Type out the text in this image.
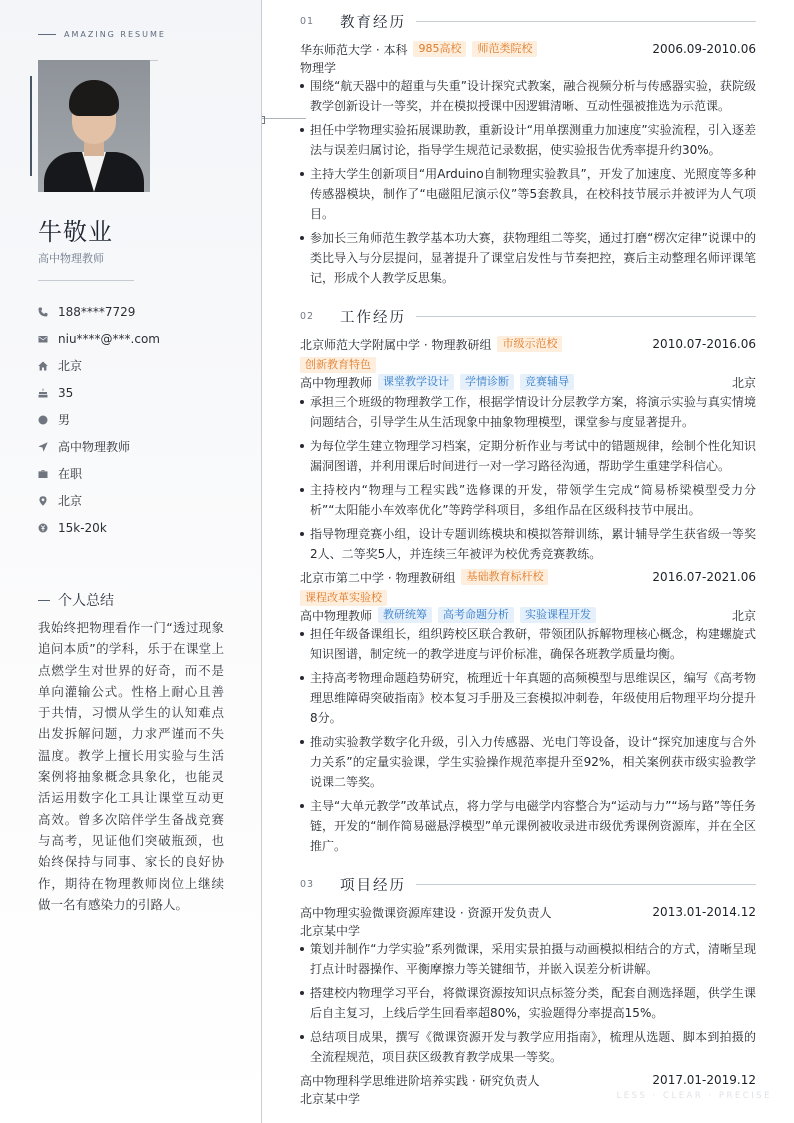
AMAZING RESUME
牛敬业
高中物理教师
188****7729
niu****@***.com
北京
35
男
高中物理教师
在职
北京
15k-20k
个人总结
我始终把物理看作一门“透过现象追问本质”的学科，乐于在课堂上点燃学生对世界的好奇，而不是单向灌输公式。性格上耐心且善于共情，习惯从学生的认知难点出发拆解问题，力求严谨而不失温度。教学上擅长用实验与生活案例将抽象概念具象化，也能灵活运用数字化工具让课堂互动更高效。曾多次陪伴学生备战竞赛与高考，见证他们突破瓶颈，也始终保持与同事、家长的良好协作，期待在物理教师岗位上继续做一名有感染力的引路人。
01	教育经历
华东师范大学 · 本科	985高校	师范类院校	2006.09-2010.06
物理学
围绕“航天器中的超重与失重”设计探究式教案，融合视频分析与传感器实验，获院级教学创新设计一等奖，并在模拟授课中因逻辑清晰、互动性强被推选为示范课。
担任中学物理实验拓展课助教，重新设计“用单摆测重力加速度”实验流程，引入逐差法与误差归属讨论，指导学生规范记录数据，使实验报告优秀率提升约30%。
主持大学生创新项目“用Arduino自制物理实验教具”，开发了加速度、光照度等多种传感器模块，制作了“电磁阻尼演示仪”等5套教具，在校科技节展示并被评为人气项目。
参加长三角师范生教学基本功大赛，获物理组二等奖，通过打磨“楞次定律”说课中的类比导入与分层提问，显著提升了课堂启发性与节奏把控，赛后主动整理名师评课笔记，形成个人教学反思集。
02	工作经历
北京师范大学附属中学 · 物理教研组	市级示范校	2010.07-2016.06
创新教育特色
高中物理教师	课堂教学设计	学情诊断	竞赛辅导	北京
承担三个班级的物理教学工作，根据学情设计分层教学方案，将演示实验与真实情境问题结合，引导学生从生活现象中抽象物理模型，课堂参与度显著提升。
为每位学生建立物理学习档案，定期分析作业与考试中的错题规律，绘制个性化知识漏洞图谱，并利用课后时间进行一对一学习路径沟通，帮助学生重建学科信心。
主持校内“物理与工程实践”选修课的开发，带领学生完成“简易桥梁模型受力分析”“太阳能小车效率优化”等跨学科项目，多组作品在区级科技节中展出。
指导物理竞赛小组，设计专题训练模块和模拟答辩训练，累计辅导学生获省级一等奖2人、二等奖5人，并连续三年被评为校优秀竞赛教练。
北京市第二中学 · 物理教研组	基础教育标杆校	2016.07-2021.06
课程改革实验校
高中物理教师	教研统筹	高考命题分析	实验课程开发	北京
担任年级备课组长，组织跨校区联合教研，带领团队拆解物理核心概念，构建螺旋式知识图谱，制定统一的教学进度与评价标准，确保各班教学质量均衡。
主持高考物理命题趋势研究，梳理近十年真题的高频模型与思维误区，编写《高考物理思维障碍突破指南》校本复习手册及三套模拟冲刺卷，年级使用后物理平均分提升8分。
推动实验教学数字化升级，引入力传感器、光电门等设备，设计“探究加速度与合外力关系”的定量实验课，学生实验操作规范率提升至92%，相关案例获市级实验教学说课二等奖。
主导“大单元教学”改革试点，将力学与电磁学内容整合为“运动与力”“场与路”等任务链，开发的“制作简易磁悬浮模型”单元课例被收录进市级优秀课例资源库，并在全区推广。
03	项目经历
高中物理实验微课资源库建设 · 资源开发负责人	2013.01-2014.12
北京某中学
策划并制作“力学实验”系列微课，采用实景拍摄与动画模拟相结合的方式，清晰呈现打点计时器操作、平衡摩擦力等关键细节，并嵌入误差分析讲解。
搭建校内物理学习平台，将微课资源按知识点标签分类，配套自测选择题，供学生课后自主复习，上线后学生回看率超80%，实验题得分率提高15%。
总结项目成果，撰写《微课资源开发与教学应用指南》，梳理从选题、脚本到拍摄的全流程规范，项目获区级教育教学成果一等奖。
高中物理科学思维进阶培养实践 · 研究负责人	2017.01-2019.12
北京某中学	LESS · CLEAR · PRECISE
